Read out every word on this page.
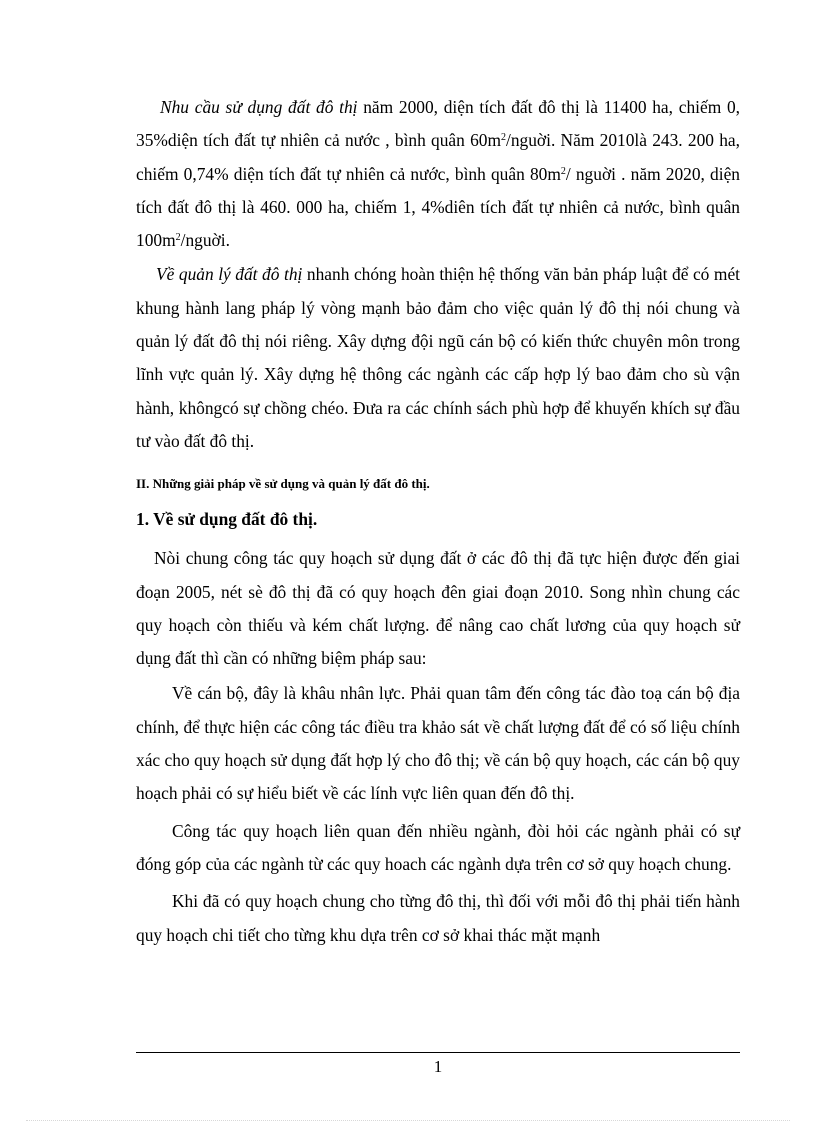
Nhu cầu sử dụng đất đô thị năm 2000, diện tích đất đô thị là 11400 ha, chiếm 0, 35%diện tích đất tự nhiên cả nước , bình quân $60m^2$/nguời. Năm 2010là 243. 200 ha, chiếm 0,74% diện tích đất tự nhiên cả nước, bình quân $80m^2/$ nguời . năm 2020, diện tích đất đô thị là 460. 000 ha, chiếm 1, 4%diên tích đất tự nhiên cả nước, bình quân $100m^2$/nguời.

Về quản lý đất đô thị nhanh chóng hoàn thiện hệ thống văn bản pháp luật để có mét khung hành lang pháp lý vòng mạnh bảo đảm cho việc quản lý đô thị nói chung và quản lý đất đô thị nói riêng. Xây dựng đội ngũ cán bộ có kiến thức chuyên môn trong lĩnh vực quản lý. Xây dựng hệ thông các ngành các cấp hợp lý bao đảm cho sù vận hành, khôngcó sự chồng chéo. Đưa ra các chính sách phù hợp để khuyến khích sự đầu tư vào đất đô thị.

II. Những giải pháp về sử dụng và quản lý đất đô thị.
1. Về sử dụng đất đô thị.

Nòi chung công tác quy hoạch sử dụng đất ở các đô thị đã tực hiện được đến giai đoạn 2005, nét sè đô thị đã có quy hoạch đên giai đoạn 2010. Song nhìn chung các quy hoạch còn thiếu và kém chất lượng. để nâng cao chất lương của quy hoạch sử dụng đất thì cần có những biệm pháp sau:

Về cán bộ, đây là khâu nhân lực. Phải quan tâm đến công tác đào toạ cán bộ địa chính, để thực hiện các công tác điều tra khảo sát về chất lượng đất để có số liệu chính xác cho quy hoạch sử dụng đất hợp lý cho đô thị; về cán bộ quy hoạch, các cán bộ quy hoạch phải có sự hiểu biết về các lính vực liên quan đến đô thị.

Công tác quy hoạch liên quan đến nhiều ngành, đòi hỏi các ngành phải có sự đóng góp của các ngành từ các quy hoach các ngành dựa trên cơ sở quy hoạch chung.

Khi đã có quy hoạch chung cho từng đô thị, thì đối với mỗi đô thị phải tiến hành quy hoạch chi tiết cho từng khu dựa trên cơ sở khai thác mặt mạnh

1
